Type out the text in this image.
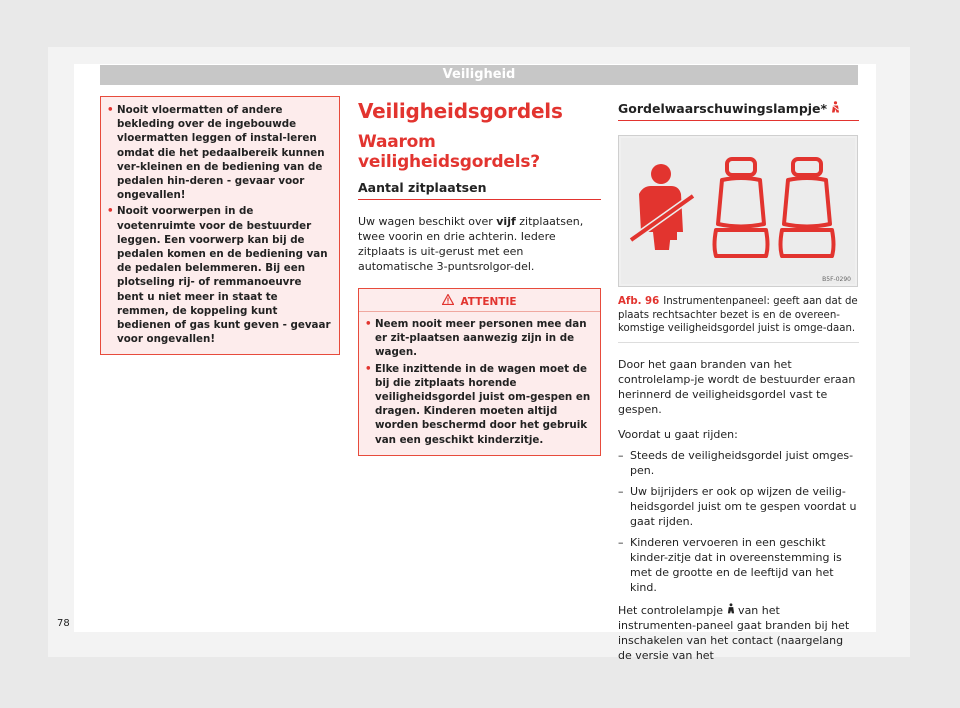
Veiligheid
• Nooit vloermatten of andere bekleding over de ingebouwde vloermatten leggen of instal-leren omdat die het pedaalbereik kunnen ver-kleinen en de bediening van de pedalen hin-deren - gevaar voor ongevallen!
• Nooit voorwerpen in de voetenruimte voor de bestuurder leggen. Een voorwerp kan bij de pedalen komen en de bediening van de pedalen belemmeren. Bij een plotseling rij- of remmanoeuvre bent u niet meer in staat te remmen, de koppeling kunt bedienen of gas kunt geven - gevaar voor ongevallen!
Veiligheidsgordels
Waarom veiligheidsgordels?
Aantal zitplaatsen

Uw wagen beschikt over vijf zitplaatsen, twee voorin en drie achterin. Iedere zitplaats is uit-gerust met een automatische 3-puntsrolgor-del.

ATTENTIE
• Neem nooit meer personen mee dan er zit-plaatsen aanwezig zijn in de wagen.
• Elke inzittende in de wagen moet de bij die zitplaats horende veiligheidsgordel juist om-gespen en dragen. Kinderen moeten altijd worden beschermd door het gebruik van een geschikt kinderzitje.
Gordelwaarschuwingslampje*
B5F-0290
Afb. 96 Instrumentenpaneel: geeft aan dat de plaats rechtsachter bezet is en de overeen-komstige veiligheidsgordel juist is omge-daan.

Door het gaan branden van het controlelamp-je wordt de bestuurder eraan herinnerd de veiligheidsgordel vast te gespen.

Voordat u gaat rijden:

– Steeds de veiligheidsgordel juist omges-pen.
– Uw bijrijders er ook op wijzen de veilig-heidsgordel juist om te gespen voordat u gaat rijden.
– Kinderen vervoeren in een geschikt kinder-zitje dat in overeenstemming is met de grootte en de leeftijd van het kind.

Het controlelampje  van het instrumenten-paneel gaat branden bij het inschakelen van het contact (naargelang de versie van het

78
